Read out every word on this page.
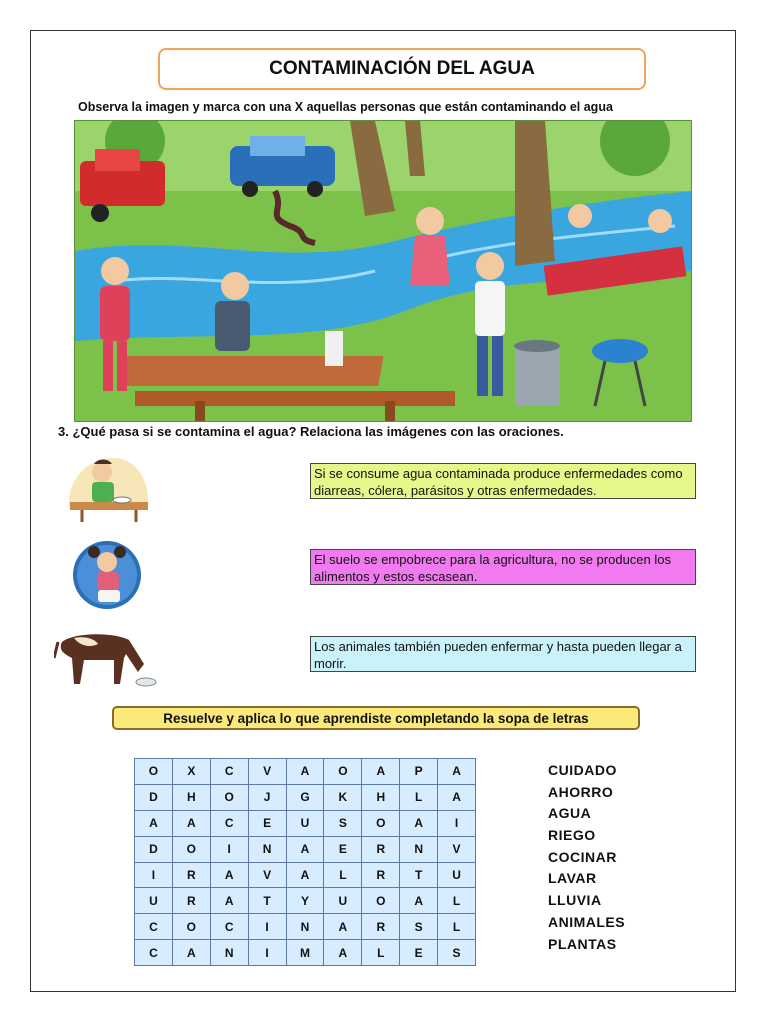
CONTAMINACIÓN DEL AGUA
Observa la imagen y marca con una X aquellas personas que están contaminando el agua
3. ¿Qué pasa si se contamina el agua? Relaciona las imágenes con las oraciones.
Si se consume agua contaminada produce enfermedades como diarreas, cólera, parásitos y otras enfermedades.
El suelo se empobrece para la agricultura, no se producen los alimentos y estos escasean.
Los animales también pueden enfermar y hasta pueden llegar a morir.
Resuelve y aplica lo que aprendiste completando la sopa de letras
O	X	C	V	A	O	A	P	A
D	H	O	J	G	K	H	L	A
A	A	C	E	U	S	O	A	I
D	O	I	N	A	E	R	N	V
I	R	A	V	A	L	R	T	U
U	R	A	T	Y	U	O	A	L
C	O	C	I	N	A	R	S	L
C	A	N	I	M	A	L	E	S
CUIDADO
AHORRO
AGUA
RIEGO
COCINAR
LAVAR
LLUVIA
ANIMALES
PLANTAS
